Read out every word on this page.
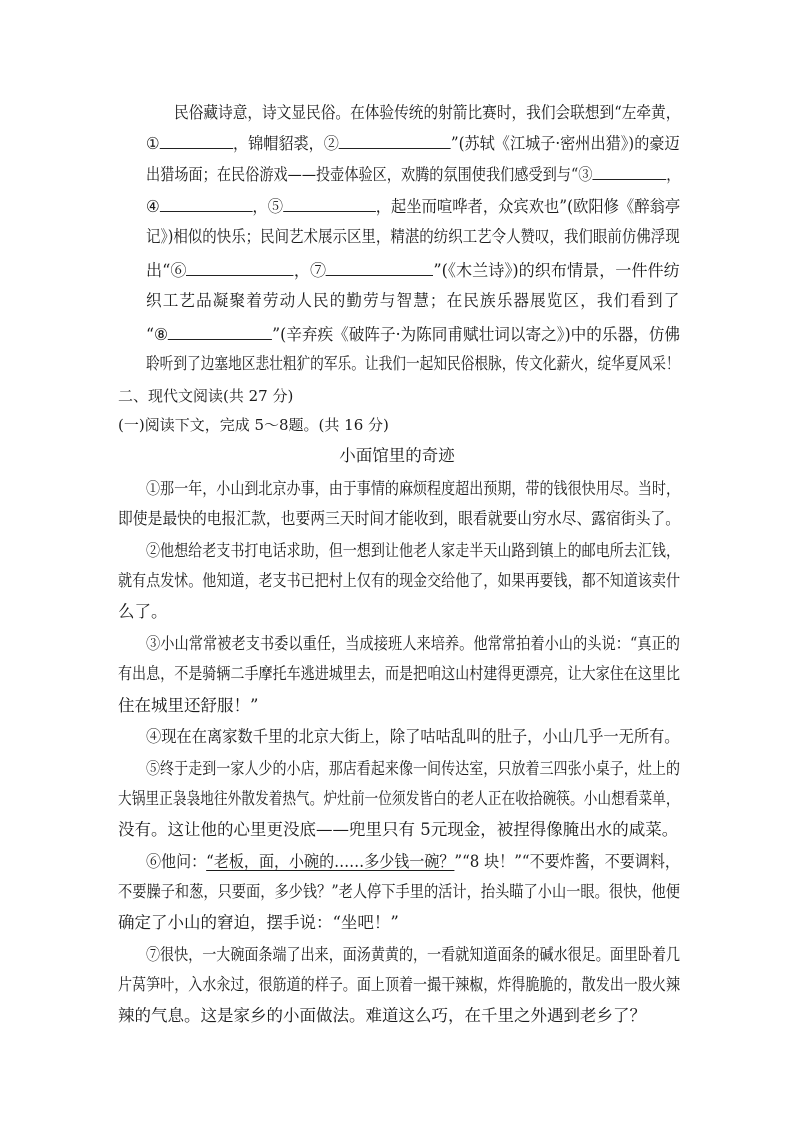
民俗藏诗意，诗文显民俗。在体验传统的射箭比赛时，我们会联想到“左牵黄，
①	，锦帽貂裘，②	”(苏轼《江城子·密州出猎》)的豪迈
出猎场面；在民俗游戏——投壶体验区，欢腾的氛围使我们感受到与“③	，
④	，⑤	，起坐而喧哗者，众宾欢也”(欧阳修《醉翁亭
记》)相似的快乐；民间艺术展示区里，精湛的纺织工艺令人赞叹，我们眼前仿佛浮现
出“⑥	，⑦	”(《木兰诗》)的织布情景，一件件纺
织工艺品凝聚着劳动人民的勤劳与智慧；在民族乐器展览区，我们看到了
“⑧	”(辛弃疾《破阵子·为陈同甫赋壮词以寄之》)中的乐器，仿佛
聆听到了边塞地区悲壮粗犷的军乐。让我们一起知民俗根脉，传文化薪火，绽华夏风采！
二、现代文阅读(共 27 分)
(一)阅读下文，完成 5～8题。(共 16 分)
小面馆里的奇迹
①那一年，小山到北京办事，由于事情的麻烦程度超出预期，带的钱很快用尽。当时，
即使是最快的电报汇款，也要两三天时间才能收到，眼看就要山穷水尽、露宿街头了。
②他想给老支书打电话求助，但一想到让他老人家走半天山路到镇上的邮电所去汇钱，
就有点发怵。他知道，老支书已把村上仅有的现金交给他了，如果再要钱，都不知道该卖什
么了。
③小山常常被老支书委以重任，当成接班人来培养。他常常拍着小山的头说：“真正的
有出息，不是骑辆二手摩托车逃进城里去，而是把咱这山村建得更漂亮，让大家住在这里比
住在城里还舒服！”
④现在在离家数千里的北京大街上，除了咕咕乱叫的肚子，小山几乎一无所有。
⑤终于走到一家人少的小店，那店看起来像一间传达室，只放着三四张小桌子，灶上的
大锅里正袅袅地往外散发着热气。炉灶前一位须发皆白的老人正在收拾碗筷。小山想看菜单，
没有。这让他的心里更没底——兜里只有 5元现金，被捏得像腌出水的咸菜。
⑥他问：“老板，面，小碗的……多少钱一碗？”“8 块！”“不要炸酱，不要调料，
不要臊子和葱，只要面，多少钱？”老人停下手里的活计，抬头瞄了小山一眼。很快，他便
确定了小山的窘迫，摆手说：“坐吧！”
⑦很快，一大碗面条端了出来，面汤黄黄的，一看就知道面条的碱水很足。面里卧着几
片莴笋叶，入水汆过，很筋道的样子。面上顶着一撮干辣椒，炸得脆脆的，散发出一股火辣
辣的气息。这是家乡的小面做法。难道这么巧，在千里之外遇到老乡了？
